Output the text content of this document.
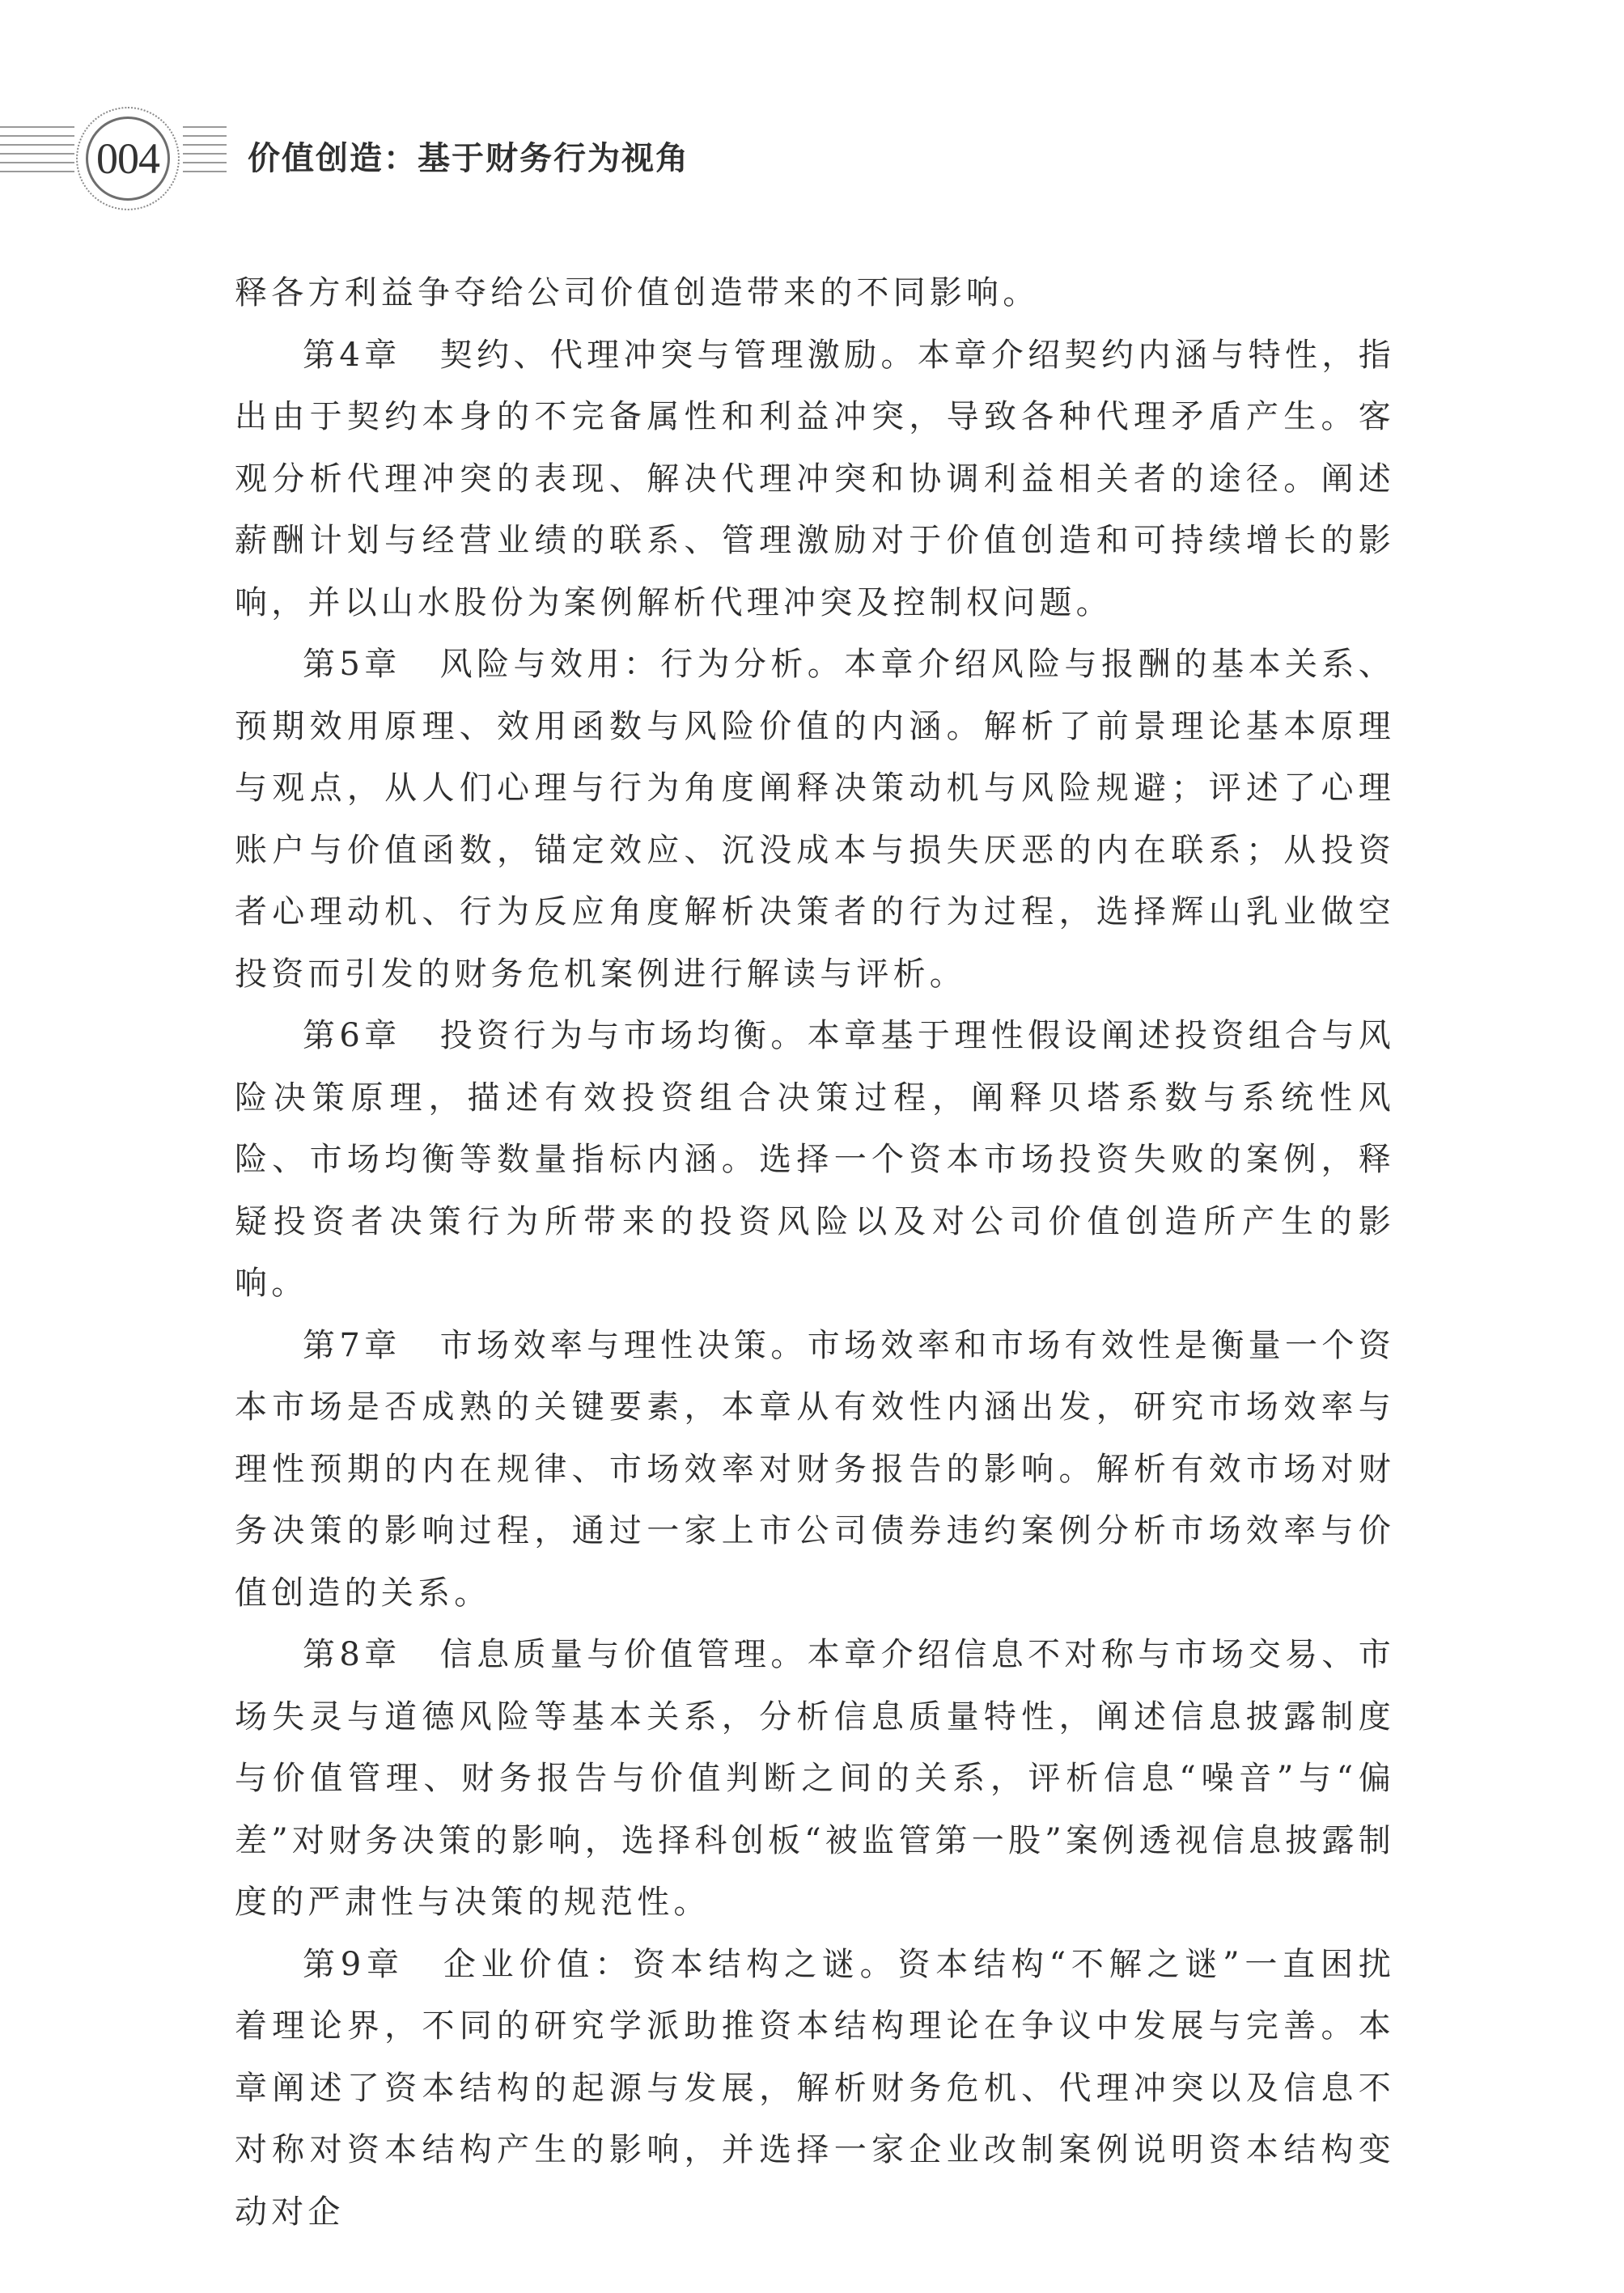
004	价值创造：基于财务行为视角

释各方利益争夺给公司价值创造带来的不同影响。

第4章 契约、代理冲突与管理激励。本章介绍契约内涵与特性，指出由于契约本身的不完备属性和利益冲突，导致各种代理矛盾产生。客观分析代理冲突的表现、解决代理冲突和协调利益相关者的途径。阐述薪酬计划与经营业绩的联系、管理激励对于价值创造和可持续增长的影响，并以山水股份为案例解析代理冲突及控制权问题。

第5章 风险与效用：行为分析。本章介绍风险与报酬的基本关系、预期效用原理、效用函数与风险价值的内涵。解析了前景理论基本原理与观点，从人们心理与行为角度阐释决策动机与风险规避；评述了心理账户与价值函数，锚定效应、沉没成本与损失厌恶的内在联系；从投资者心理动机、行为反应角度解析决策者的行为过程，选择辉山乳业做空投资而引发的财务危机案例进行解读与评析。

第6章 投资行为与市场均衡。本章基于理性假设阐述投资组合与风险决策原理，描述有效投资组合决策过程，阐释贝塔系数与系统性风险、市场均衡等数量指标内涵。选择一个资本市场投资失败的案例，释疑投资者决策行为所带来的投资风险以及对公司价值创造所产生的影响。

第7章 市场效率与理性决策。市场效率和市场有效性是衡量一个资本市场是否成熟的关键要素，本章从有效性内涵出发，研究市场效率与理性预期的内在规律、市场效率对财务报告的影响。解析有效市场对财务决策的影响过程，通过一家上市公司债券违约案例分析市场效率与价值创造的关系。

第8章 信息质量与价值管理。本章介绍信息不对称与市场交易、市场失灵与道德风险等基本关系，分析信息质量特性，阐述信息披露制度与价值管理、财务报告与价值判断之间的关系，评析信息“噪音”与“偏差”对财务决策的影响，选择科创板“被监管第一股”案例透视信息披露制度的严肃性与决策的规范性。

第9章 企业价值：资本结构之谜。资本结构“不解之谜”一直困扰着理论界，不同的研究学派助推资本结构理论在争议中发展与完善。本章阐述了资本结构的起源与发展，解析财务危机、代理冲突以及信息不对称对资本结构产生的影响，并选择一家企业改制案例说明资本结构变动对企
